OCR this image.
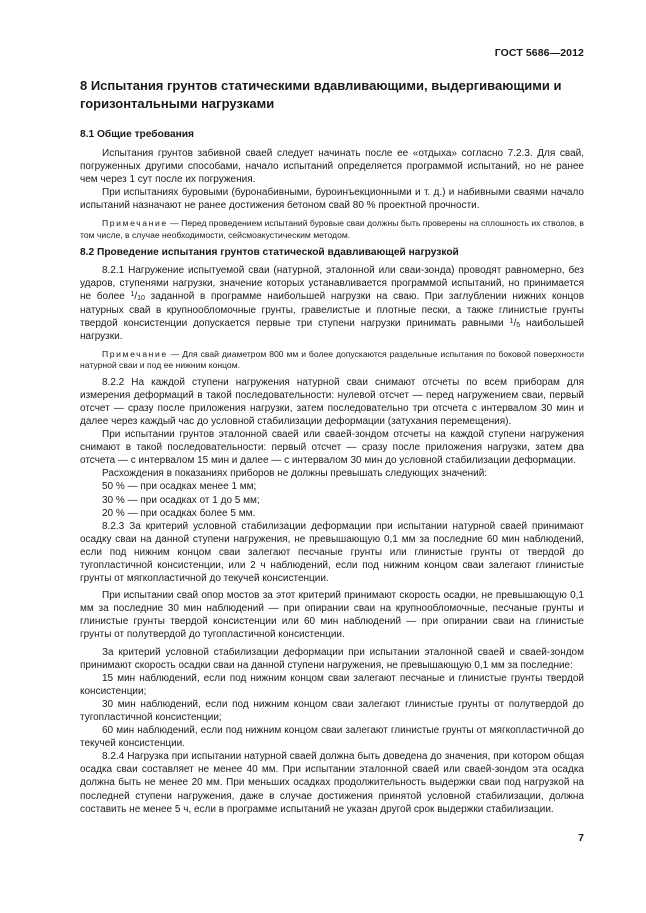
ГОСТ 5686—2012
8 Испытания грунтов статическими вдавливающими, выдергивающими и горизонтальными нагрузками
8.1 Общие требования

Испытания грунтов забивной сваей следует начинать после ее «отдыха» согласно 7.2.3. Для свай, погруженных другими способами, начало испытаний определяется программой испытаний, но не ранее чем через 1 сут после их погружения.

При испытаниях буровыми (буронабивными, буроинъекционными и т. д.) и набивными сваями начало испытаний назначают не ранее достижения бетоном свай 80 % проектной прочности.

Примечание — Перед проведением испытаний буровые сваи должны быть проверены на сплошность их стволов, в том числе, в случае необходимости, сейсмоакустическим методом.
8.2 Проведение испытания грунтов статической вдавливающей нагрузкой

8.2.1 Нагружение испытуемой сваи (натурной, эталонной или сваи-зонда) проводят равномерно, без ударов, ступенями нагрузки, значение которых устанавливается программой испытаний, но принимается не более $^1/_{10}$ заданной в программе наибольшей нагрузки на сваю. При заглублении нижних концов натурных свай в крупнообломочные грунты, гравелистые и плотные пески, а также глинистые грунты твердой консистенции допускается первые три ступени нагрузки принимать равными $^1/_5$ наибольшей нагрузки.

Примечание — Для свай диаметром 800 мм и более допускаются раздельные испытания по боковой поверхности натурной сваи и под ее нижним концом.

8.2.2 На каждой ступени нагружения натурной сваи снимают отсчеты по всем приборам для измерения деформаций в такой последовательности: нулевой отсчет — перед нагружением сваи, первый отсчет — сразу после приложения нагрузки, затем последовательно три отсчета с интервалом 30 мин и далее через каждый час до условной стабилизации деформации (затухания перемещения).

При испытании грунтов эталонной сваей или сваей-зондом отсчеты на каждой ступени нагружения снимают в такой последовательности: первый отсчет — сразу после приложения нагрузки, затем два отсчета — с интервалом 15 мин и далее — с интервалом 30 мин до условной стабилизации деформации.

Расхождения в показаниях приборов не должны превышать следующих значений:

50 % — при осадках менее 1 мм;

30 % — при осадках от 1 до 5 мм;

20 % — при осадках более 5 мм.

8.2.3 За критерий условной стабилизации деформации при испытании натурной сваей принимают осадку сваи на данной ступени нагружения, не превышающую 0,1 мм за последние 60 мин наблюдений, если под нижним концом сваи залегают песчаные грунты или глинистые грунты от твердой до тугопластичной консистенции, или 2 ч наблюдений, если под нижним концом сваи залегают глинистые грунты от мягкопластичной до текучей консистенции.

При испытании свай опор мостов за этот критерий принимают скорость осадки, не превышающую 0,1 мм за последние 30 мин наблюдений — при опирании сваи на крупнообломочные, песчаные грунты и глинистые грунты твердой консистенции или 60 мин наблюдений — при опирании сваи на глинистые грунты от полутвердой до тугопластичной консистенции.

За критерий условной стабилизации деформации при испытании эталонной сваей и сваей-зондом принимают скорость осадки сваи на данной ступени нагружения, не превышающую 0,1 мм за последние:

15 мин наблюдений, если под нижним концом сваи залегают песчаные и глинистые грунты твердой консистенции;

30 мин наблюдений, если под нижним концом сваи залегают глинистые грунты от полутвердой до тугопластичной консистенции;

60 мин наблюдений, если под нижним концом сваи залегают глинистые грунты от мягкопластичной до текучей консистенции.

8.2.4 Нагрузка при испытании натурной сваей должна быть доведена до значения, при котором общая осадка сваи составляет не менее 40 мм. При испытании эталонной сваей или сваей-зондом эта осадка должна быть не менее 20 мм. При меньших осадках продолжительность выдержки сваи под нагрузкой на последней ступени нагружения, даже в случае достижения принятой условной стабилизации, должна составить не менее 5 ч, если в программе испытаний не указан другой срок выдержки стабилизации.

7
